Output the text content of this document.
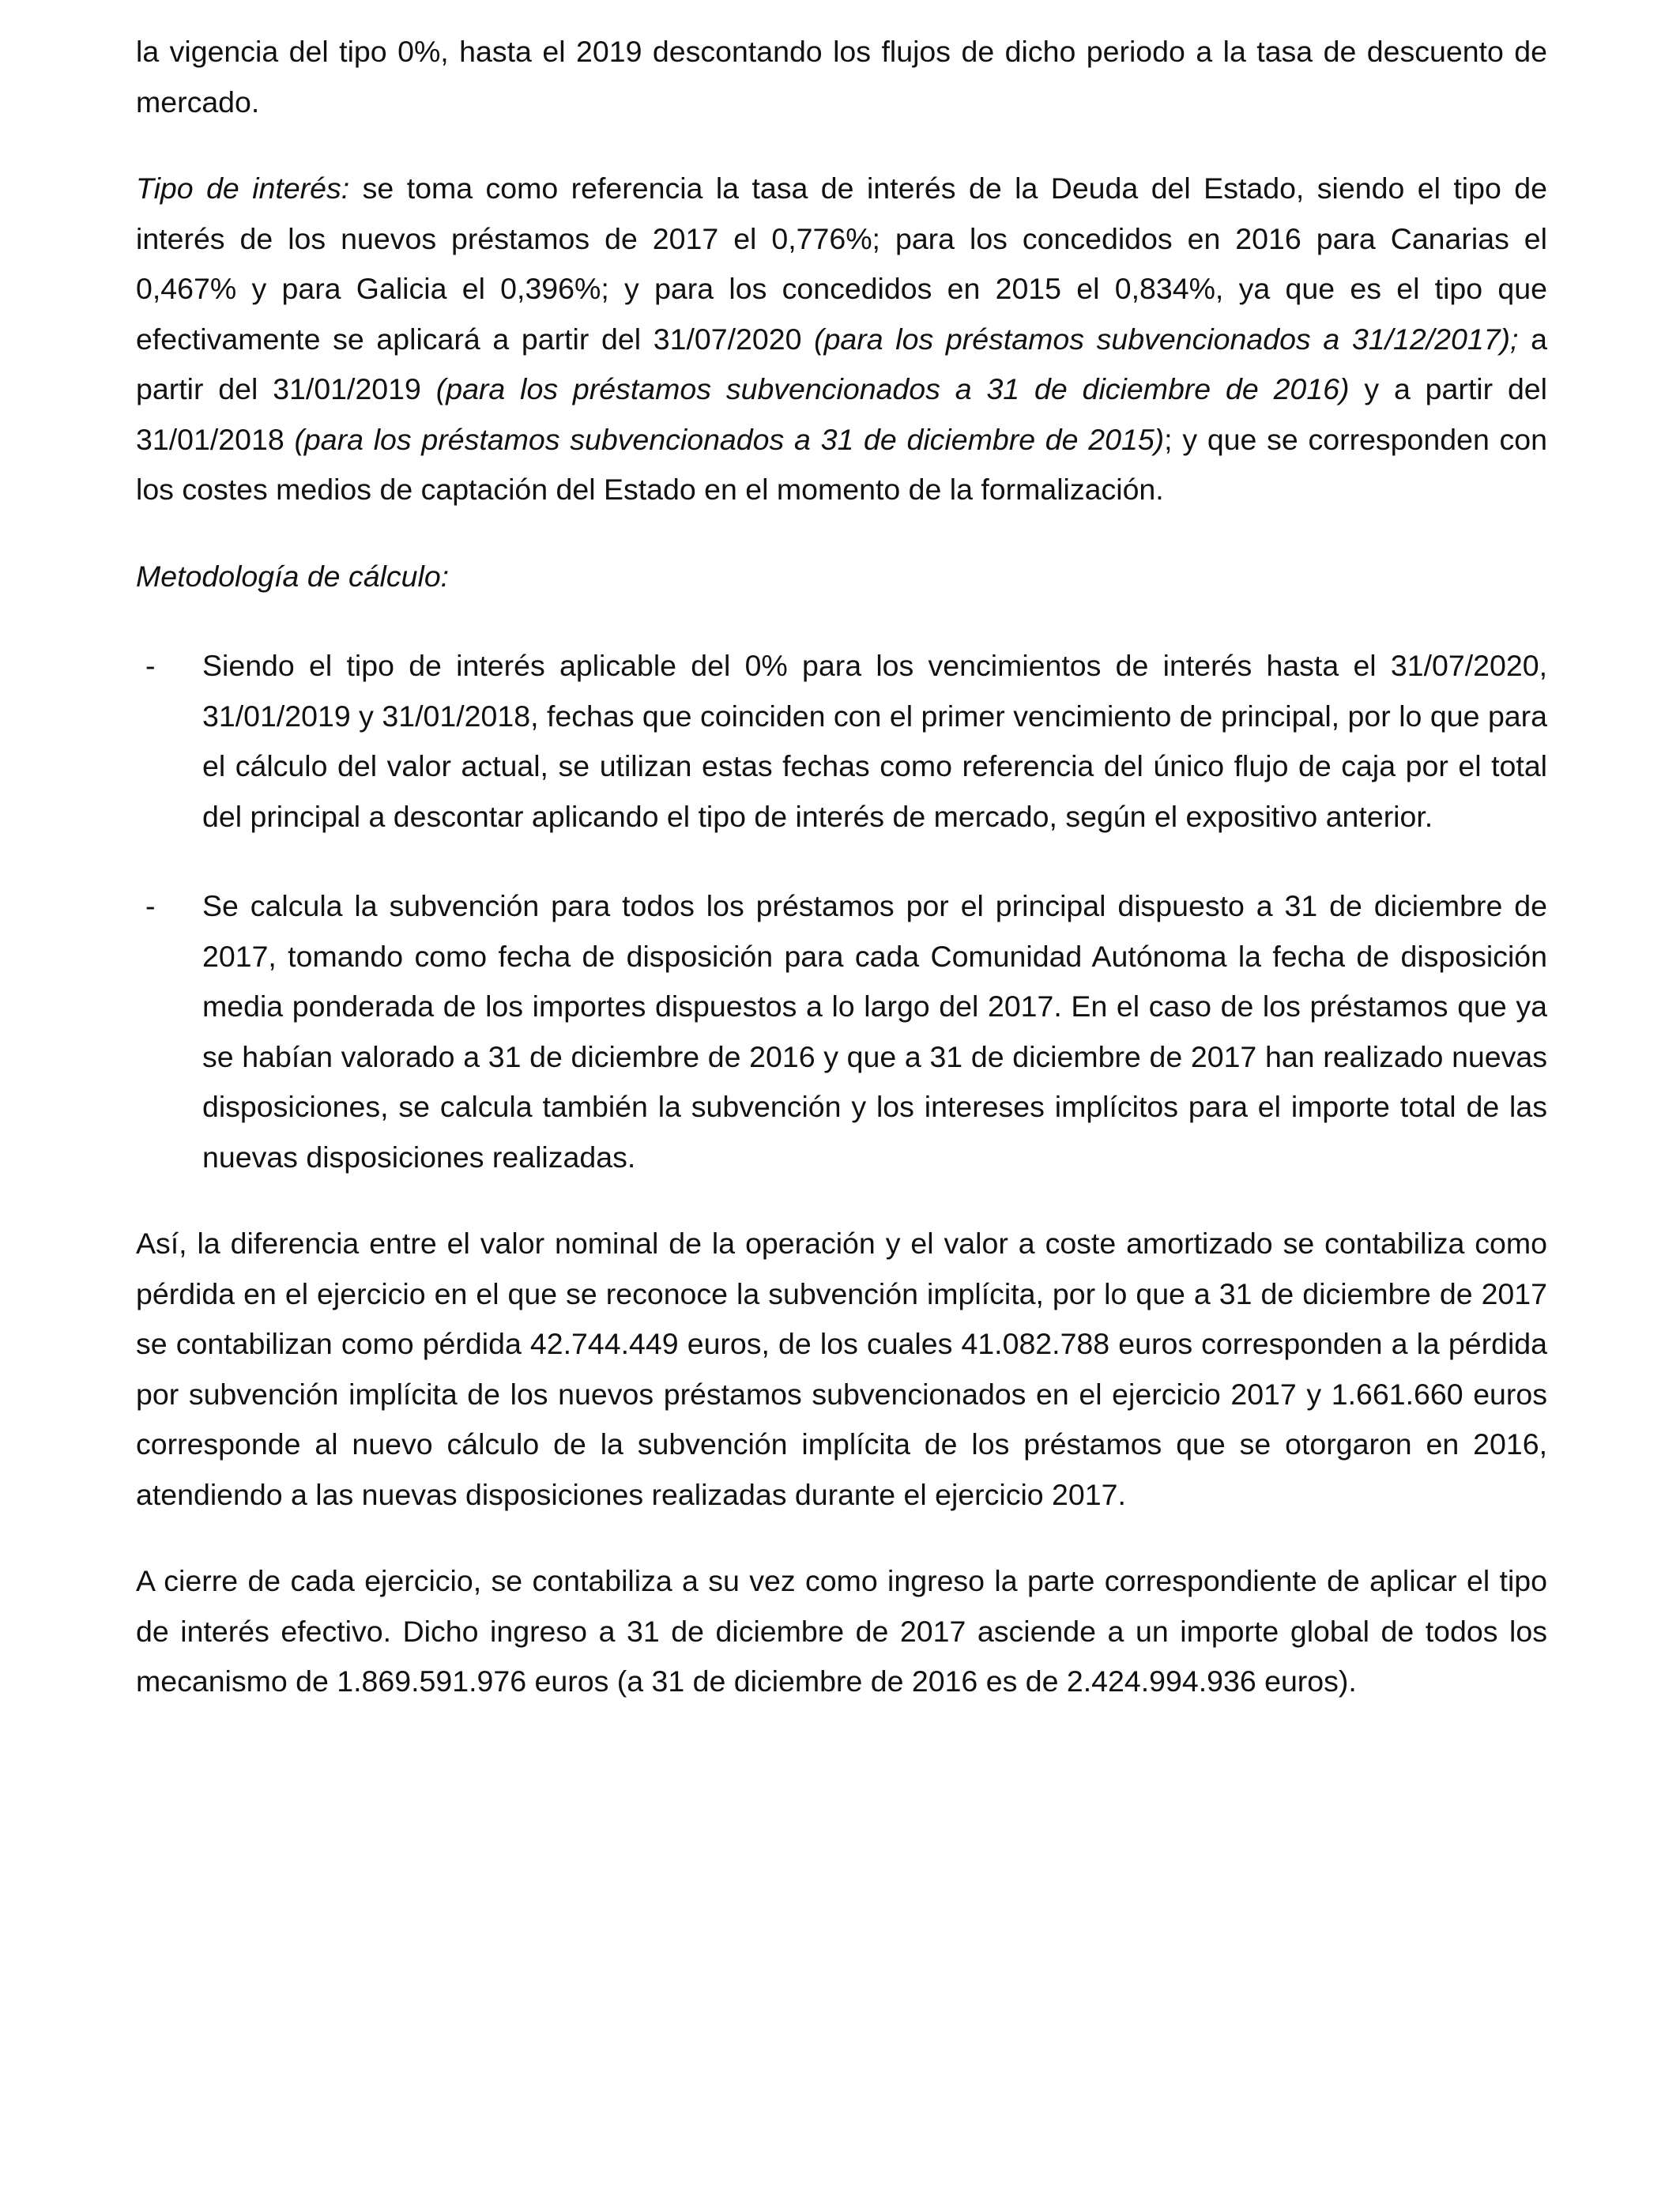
la vigencia del tipo 0%, hasta el 2019 descontando los flujos de dicho periodo a la tasa de descuento de mercado.

Tipo de interés: se toma como referencia la tasa de interés de la Deuda del Estado, siendo el tipo de interés de los nuevos préstamos de 2017 el 0,776%; para los concedidos en 2016 para Canarias el 0,467% y para Galicia el 0,396%; y para los concedidos en 2015 el 0,834%, ya que es el tipo que efectivamente se aplicará a partir del 31/07/2020 (para los préstamos subvencionados a 31/12/2017); a partir del 31/01/2019 (para los préstamos subvencionados a 31 de diciembre de 2016) y a partir del 31/01/2018 (para los préstamos subvencionados a 31 de diciembre de 2015); y que se corresponden con los costes medios de captación del Estado en el momento de la formalización.

Metodología de cálculo:

- Siendo el tipo de interés aplicable del 0% para los vencimientos de interés hasta el 31/07/2020, 31/01/2019 y 31/01/2018, fechas que coinciden con el primer vencimiento de principal, por lo que para el cálculo del valor actual, se utilizan estas fechas como referencia del único flujo de caja por el total del principal a descontar aplicando el tipo de interés de mercado, según el expositivo anterior.
- Se calcula la subvención para todos los préstamos por el principal dispuesto a 31 de diciembre de 2017, tomando como fecha de disposición para cada Comunidad Autónoma la fecha de disposición media ponderada de los importes dispuestos a lo largo del 2017. En el caso de los préstamos que ya se habían valorado a 31 de diciembre de 2016 y que a 31 de diciembre de 2017 han realizado nuevas disposiciones, se calcula también la subvención y los intereses implícitos para el importe total de las nuevas disposiciones realizadas.

Así, la diferencia entre el valor nominal de la operación y el valor a coste amortizado se contabiliza como pérdida en el ejercicio en el que se reconoce la subvención implícita, por lo que a 31 de diciembre de 2017 se contabilizan como pérdida 42.744.449 euros, de los cuales 41.082.788 euros corresponden a la pérdida por subvención implícita de los nuevos préstamos subvencionados en el ejercicio 2017 y 1.661.660 euros corresponde al nuevo cálculo de la subvención implícita de los préstamos que se otorgaron en 2016, atendiendo a las nuevas disposiciones realizadas durante el ejercicio 2017.

A cierre de cada ejercicio, se contabiliza a su vez como ingreso la parte correspondiente de aplicar el tipo de interés efectivo. Dicho ingreso a 31 de diciembre de 2017 asciende a un importe global de todos los mecanismo de 1.869.591.976 euros (a 31 de diciembre de 2016 es de 2.424.994.936 euros).
